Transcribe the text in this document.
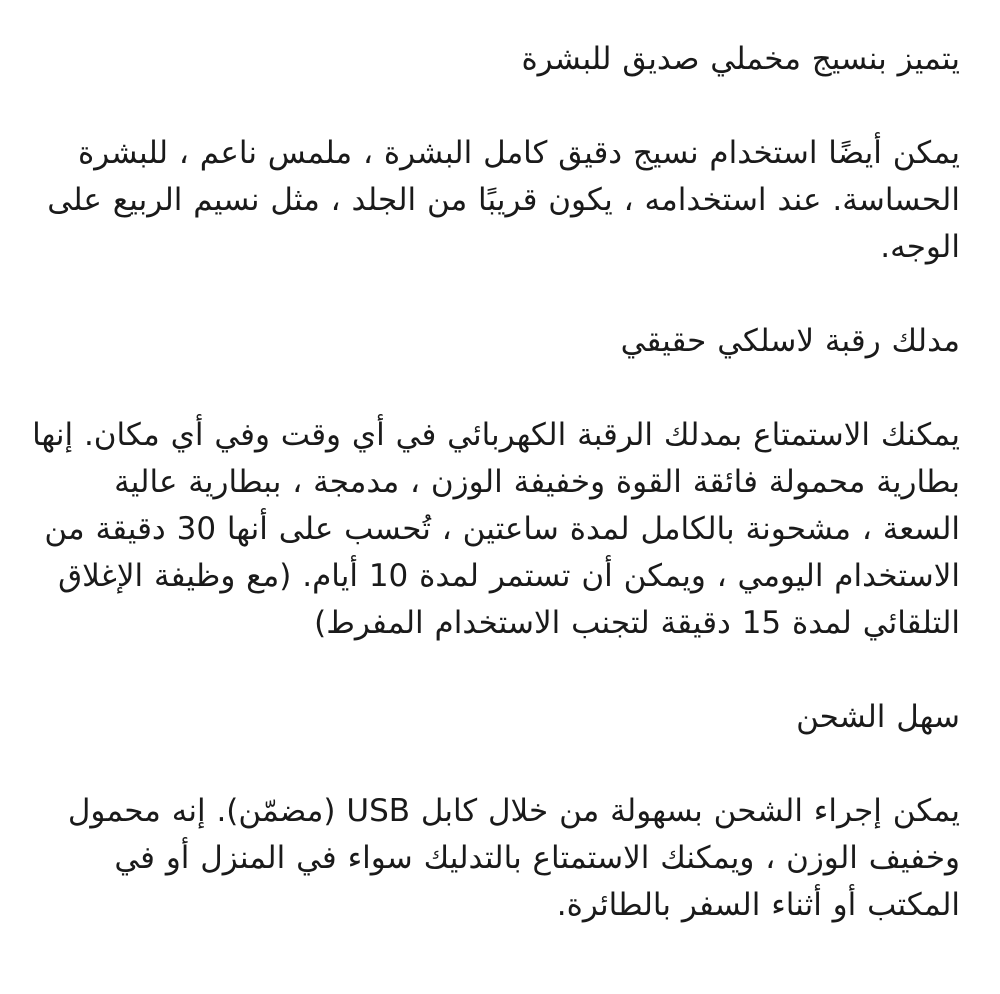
يتميز بنسيج مخملي صديق للبشرة

يمكن أيضًا استخدام نسيج دقيق كامل البشرة ، ملمس ناعم ، للبشرة الحساسة. عند استخدامه ، يكون قريبًا من الجلد ، مثل نسيم الربيع على الوجه.

مدلك رقبة لاسلكي حقيقي

يمكنك الاستمتاع بمدلك الرقبة الكهربائي في أي وقت وفي أي مكان. إنها بطارية محمولة فائقة القوة وخفيفة الوزن ، مدمجة ، ببطارية عالية السعة ، مشحونة بالكامل لمدة ساعتين ، تُحسب على أنها 30 دقيقة من الاستخدام اليومي ، ويمكن أن تستمر لمدة 10 أيام. (مع وظيفة الإغلاق التلقائي لمدة 15 دقيقة لتجنب الاستخدام المفرط)

سهل الشحن

يمكن إجراء الشحن بسهولة من خلال كابل USB (مضمّن). إنه محمول وخفيف الوزن ، ويمكنك الاستمتاع بالتدليك سواء في المنزل أو في المكتب أو أثناء السفر بالطائرة.
